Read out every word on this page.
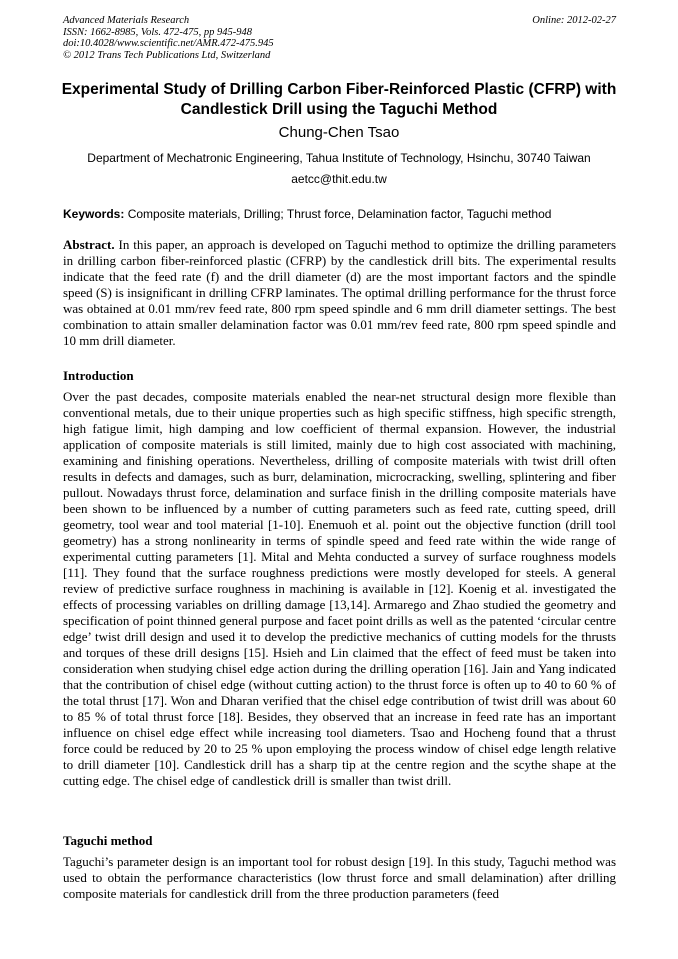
Advanced Materials Research
ISSN: 1662-8985, Vols. 472-475, pp 945-948
doi:10.4028/www.scientific.net/AMR.472-475.945
© 2012 Trans Tech Publications Ltd, Switzerland
Online: 2012-02-27
Experimental Study of Drilling Carbon Fiber-Reinforced Plastic (CFRP) with Candlestick Drill using the Taguchi Method
Chung-Chen Tsao
Department of Mechatronic Engineering, Tahua Institute of Technology, Hsinchu, 30740 Taiwan
aetcc@thit.edu.tw
Keywords: Composite materials, Drilling; Thrust force, Delamination factor, Taguchi method
Abstract. In this paper, an approach is developed on Taguchi method to optimize the drilling parameters in drilling carbon fiber-reinforced plastic (CFRP) by the candlestick drill bits. The experimental results indicate that the feed rate (f) and the drill diameter (d) are the most important factors and the spindle speed (S) is insignificant in drilling CFRP laminates. The optimal drilling performance for the thrust force was obtained at 0.01 mm/rev feed rate, 800 rpm speed spindle and 6 mm drill diameter settings. The best combination to attain smaller delamination factor was 0.01 mm/rev feed rate, 800 rpm speed spindle and 10 mm drill diameter.
Introduction
Over the past decades, composite materials enabled the near-net structural design more flexible than conventional metals, due to their unique properties such as high specific stiffness, high specific strength, high fatigue limit, high damping and low coefficient of thermal expansion. However, the industrial application of composite materials is still limited, mainly due to high cost associated with machining, examining and finishing operations. Nevertheless, drilling of composite materials with twist drill often results in defects and damages, such as burr, delamination, microcracking, swelling, splintering and fiber pullout. Nowadays thrust force, delamination and surface finish in the drilling composite materials have been shown to be influenced by a number of cutting parameters such as feed rate, cutting speed, drill geometry, tool wear and tool material [1-10]. Enemuoh et al. point out the objective function (drill tool geometry) has a strong nonlinearity in terms of spindle speed and feed rate within the wide range of experimental cutting parameters [1]. Mital and Mehta conducted a survey of surface roughness models [11]. They found that the surface roughness predictions were mostly developed for steels. A general review of predictive surface roughness in machining is available in [12]. Koenig et al. investigated the effects of processing variables on drilling damage [13,14]. Armarego and Zhao studied the geometry and specification of point thinned general purpose and facet point drills as well as the patented ‘circular centre edge’ twist drill design and used it to develop the predictive mechanics of cutting models for the thrusts and torques of these drill designs [15]. Hsieh and Lin claimed that the effect of feed must be taken into consideration when studying chisel edge action during the drilling operation [16]. Jain and Yang indicated that the contribution of chisel edge (without cutting action) to the thrust force is often up to 40 to 60 % of the total thrust [17]. Won and Dharan verified that the chisel edge contribution of twist drill was about 60 to 85 % of total thrust force [18]. Besides, they observed that an increase in feed rate has an important influence on chisel edge effect while increasing tool diameters. Tsao and Hocheng found that a thrust force could be reduced by 20 to 25 % upon employing the process window of chisel edge length relative to drill diameter [10]. Candlestick drill has a sharp tip at the centre region and the scythe shape at the cutting edge. The chisel edge of candlestick drill is smaller than twist drill.
Taguchi method
Taguchi’s parameter design is an important tool for robust design [19]. In this study, Taguchi method was used to obtain the performance characteristics (low thrust force and small delamination) after drilling composite materials for candlestick drill from the three production parameters (feed
